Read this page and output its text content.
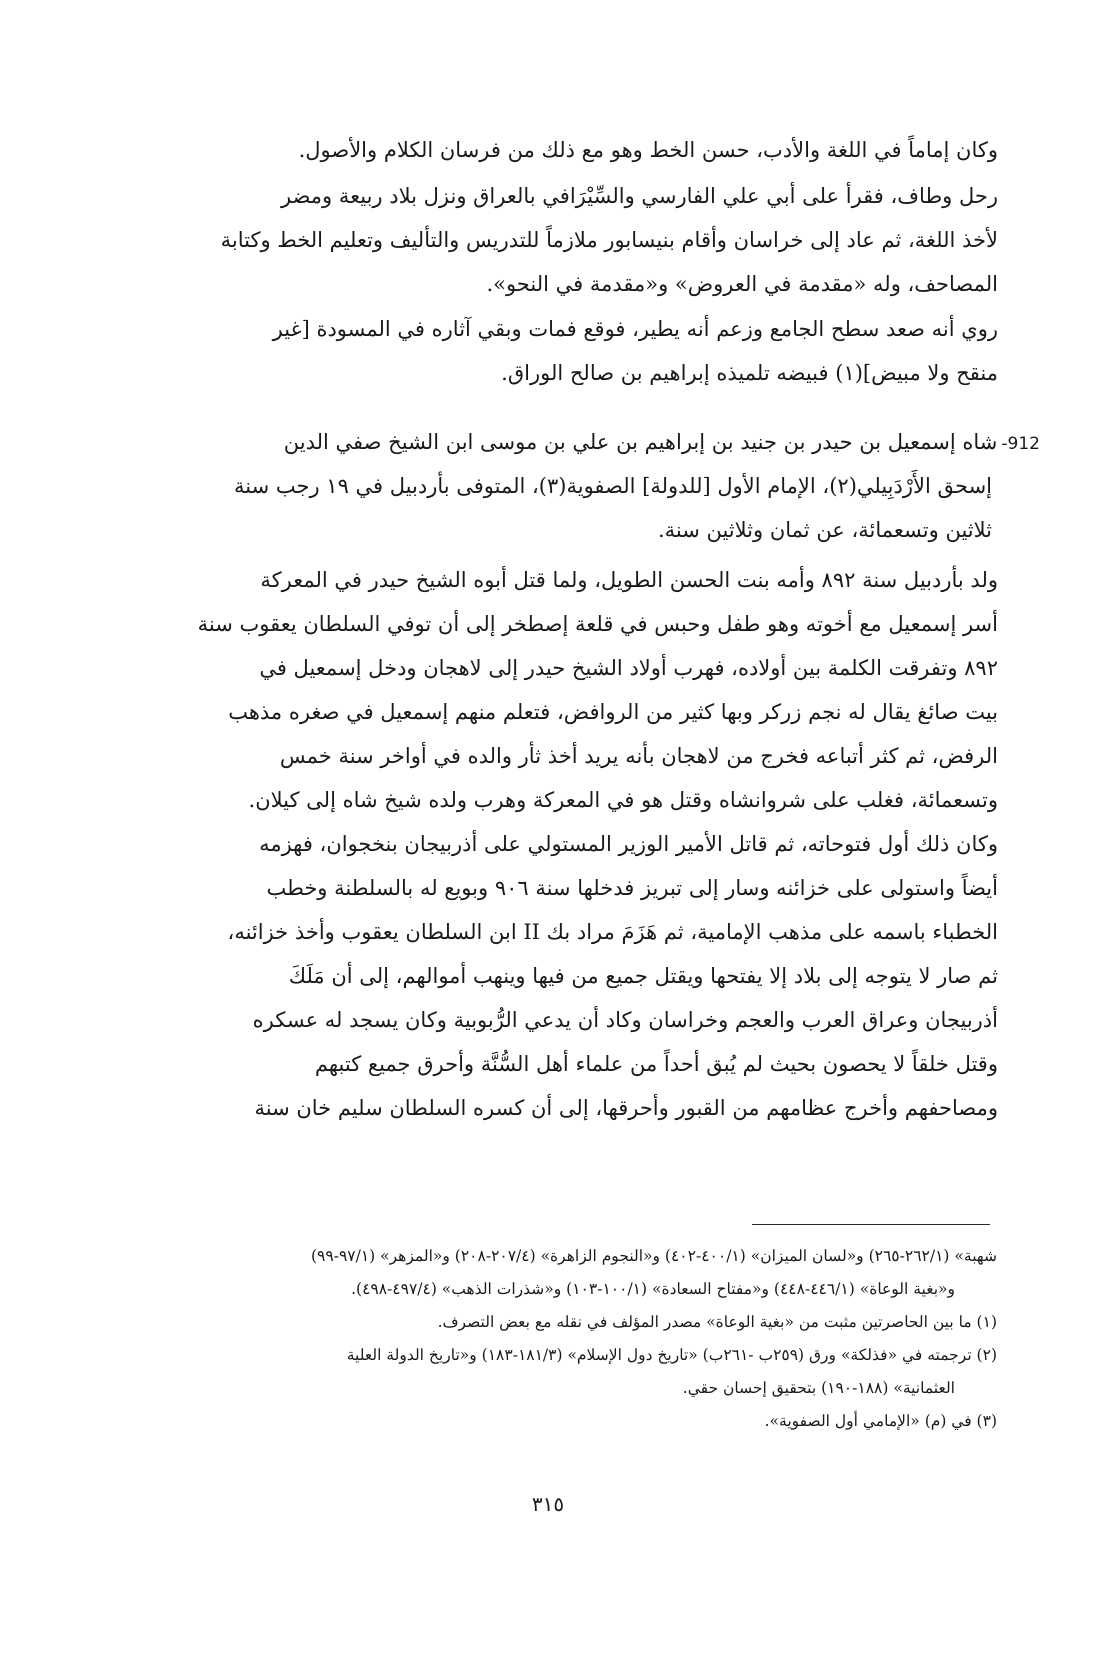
وكان إماماً في اللغة والأدب، حسن الخط وهو مع ذلك من فرسان الكلام والأصول.
رحل وطاف، فقرأ على أبي علي الفارسي والسِّيْرَافي بالعراق ونزل بلاد ربيعة ومضر
لأخذ اللغة، ثم عاد إلى خراسان وأقام بنيسابور ملازماً للتدريس والتأليف وتعليم الخط وكتابة
المصاحف، وله «مقدمة في العروض» و«مقدمة في النحو».
روي أنه صعد سطح الجامع وزعم أنه يطير، فوقع فمات وبقي آثاره في المسودة [غير
منقح ولا مبيض](١) فبيضه تلميذه إبراهيم بن صالح الوراق.
912-شاه إسمعيل بن حيدر بن جنيد بن إبراهيم بن علي بن موسى ابن الشيخ صفي الدين
إسحق الأَرْدَبِيلي(٢)، الإمام الأول [للدولة] الصفوية(٣)، المتوفى بأردبيل في ١٩ رجب سنة
ثلاثين وتسعمائة، عن ثمان وثلاثين سنة.
ولد بأردبيل سنة ٨٩٢ وأمه بنت الحسن الطويل، ولما قتل أبوه الشيخ حيدر في المعركة
أسر إسمعيل مع أخوته وهو طفل وحبس في قلعة إصطخر إلى أن توفي السلطان يعقوب سنة
٨٩٢ وتفرقت الكلمة بين أولاده، فهرب أولاد الشيخ حيدر إلى لاهجان ودخل إسمعيل في
بيت صائغ يقال له نجم زركر وبها كثير من الروافض، فتعلم منهم إسمعيل في صغره مذهب
الرفض، ثم كثر أتباعه فخرج من لاهجان بأنه يريد أخذ ثأر والده في أواخر سنة خمس
وتسعمائة، فغلب على شروانشاه وقتل هو في المعركة وهرب ولده شيخ شاه إلى كيلان.
وكان ذلك أول فتوحاته، ثم قاتل الأمير الوزير المستولي على أذربيجان بنخجوان، فهزمه
أيضاً واستولى على خزائنه وسار إلى تبريز فدخلها سنة ٩٠٦ وبويع له بالسلطنة وخطب
الخطباء باسمه على مذهب الإمامية، ثم هَزَمَ مراد بك II ابن السلطان يعقوب وأخذ خزائنه،
ثم صار لا يتوجه إلى بلاد إلا يفتحها ويقتل جميع من فيها وينهب أموالهم، إلى أن مَلَكَ
أذربيجان وعراق العرب والعجم وخراسان وكاد أن يدعي الرُّبوبية وكان يسجد له عسكره
وقتل خلقاً لا يحصون بحيث لم يُبق أحداً من علماء أهل السُّنَّة وأحرق جميع كتبهم
ومصاحفهم وأخرج عظامهم من القبور وأحرقها، إلى أن كسره السلطان سليم خان سنة
شهبة» (٢٦٢/١-٢٦٥) و«لسان الميزان» (٤٠٠/١-٤٠٢) و«النجوم الزاهرة» (٢٠٧/٤-٢٠٨) و«المزهر» (٩٧/١-٩٩)
و«بغية الوعاة» (٤٤٦/١-٤٤٨) و«مفتاح السعادة» (١٠٠/١-١٠٣) و«شذرات الذهب» (٤٩٧/٤-٤٩٨).
(١) ما بين الحاصرتين مثبت من «بغية الوعاة» مصدر المؤلف في نقله مع بعض التصرف.
(٢) ترجمته في «فذلكة» ورق (٢٥٩ب -٢٦١ب) «تاريخ دول الإسلام» (١٨١/٣-١٨٣) و«تاريخ الدولة العلية
العثمانية» (١٨٨-١٩٠) بتحقيق إحسان حقي.
(٣) في (م) «الإمامي أول الصفوية».
٣١٥
